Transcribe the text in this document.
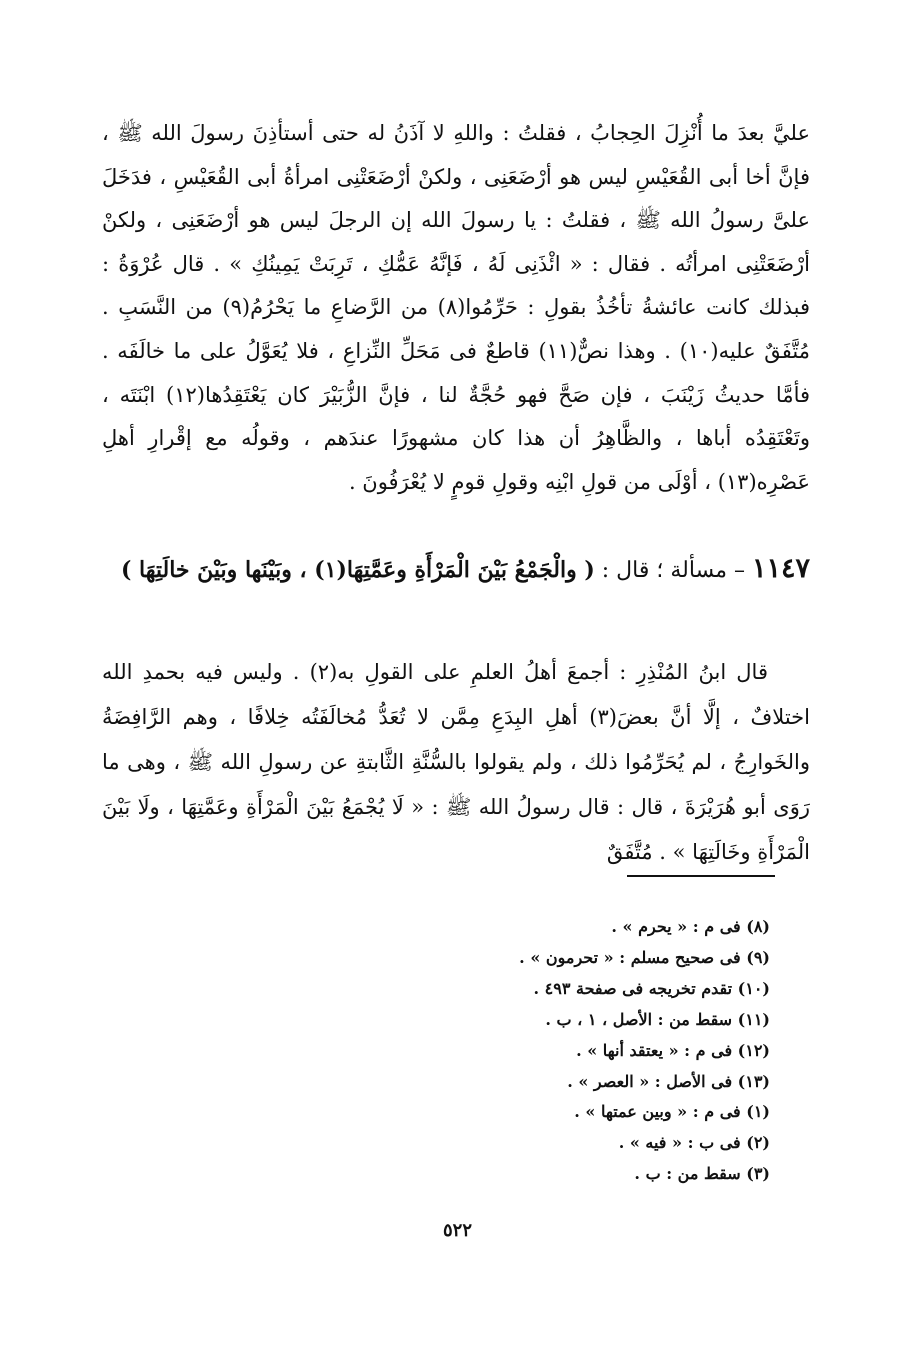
عليَّ بعدَ ما أُنْزِلَ الحِجابُ ، فقلتُ : واللهِ لا آذَنُ له حتى أستأذِنَ رسولَ الله ﷺ ، فإنَّ أخا أبى القُعَيْسِ ليس هو أرْضَعَنِى ، ولكنْ أرْضَعَتْنِى امرأةُ أبى القُعَيْسِ ، فدَخَلَ علىَّ رسولُ الله ﷺ ، فقلتُ : يا رسولَ الله إن الرجلَ ليس هو أرْضَعَنِى ، ولكنْ أرْضَعَتْنِى امرأتُه . فقال : « ائْذَنِى لَهُ ، فَإنَّهُ عَمُّكِ ، تَرِبَتْ يَمِينُكِ » . قال عُرْوَةُ : فبذلك كانت عائشةُ تأخُذُ بقولِ : حَرِّمُوا(٨) من الرَّضاعِ ما يَحْرُمُ(٩) من النَّسَبِ . مُتَّفَقٌ عليه(١٠) . وهذا نصٌّ(١١) قاطعٌ فى مَحَلِّ النِّزاعِ ، فلا يُعَوَّلُ على ما خالَفَه . فأمَّا حديثُ زَيْنَبَ ، فإن صَحَّ فهو حُجَّةٌ لنا ، فإنَّ الزُّبَيْرَ كان يَعْتَقِدُها(١٢) ابْنَتَه ، وتَعْتَقِدُه أباها ، والظَّاهِرُ أن هذا كان مشهورًا عندَهم ، وقولُه مع إقْرارِ أهلِ عَصْرِه(١٣) ، أوْلَى من قولِ ابْنِه وقولِ قومٍ لا يُعْرَفُونَ .

١١٤٧ – مسألة ؛ قال : ( والْجَمْعُ بَيْنَ الْمَرْأَةِ وعَمَّتِهَا(١) ، وبَيْنَها وبَيْنَ خالَتِهَا )

قال ابنُ المُنْذِرِ : أجمعَ أهلُ العلمِ على القولِ به(٢) . وليس فيه بحمدِ الله اختلافٌ ، إلَّا أنَّ بعضَ(٣) أهلِ البِدَعِ مِمَّن لا تُعَدُّ مُخالَفَتُه خِلافًا ، وهم الرَّافِضَةُ والخَوارِجُ ، لم يُحَرِّمُوا ذلك ، ولم يقولوا بالسُّنَّةِ الثَّابتةِ عن رسولِ الله ﷺ ، وهى ما رَوَى أبو هُرَيْرَةَ ، قال : قال رسولُ الله ﷺ : « لَا يُجْمَعُ بَيْنَ الْمَرْأَةِ وعَمَّتِهَا ، ولَا بَيْنَ الْمَرْأَةِ وخَالَتِهَا » . مُتَّفَقٌ

(٨) فى م : « يحرم » .
(٩) فى صحيح مسلم : « تحرمون » .
(١٠) تقدم تخريجه فى صفحة ٤٩٣ .
(١١) سقط من : الأصل ، ١ ، ب .
(١٢) فى م : « يعتقد أنها » .
(١٣) فى الأصل : « العصر » .
(١) فى م : « وبين عمتها » .
(٢) فى ب : « فيه » .
(٣) سقط من : ب .
٥٢٢
